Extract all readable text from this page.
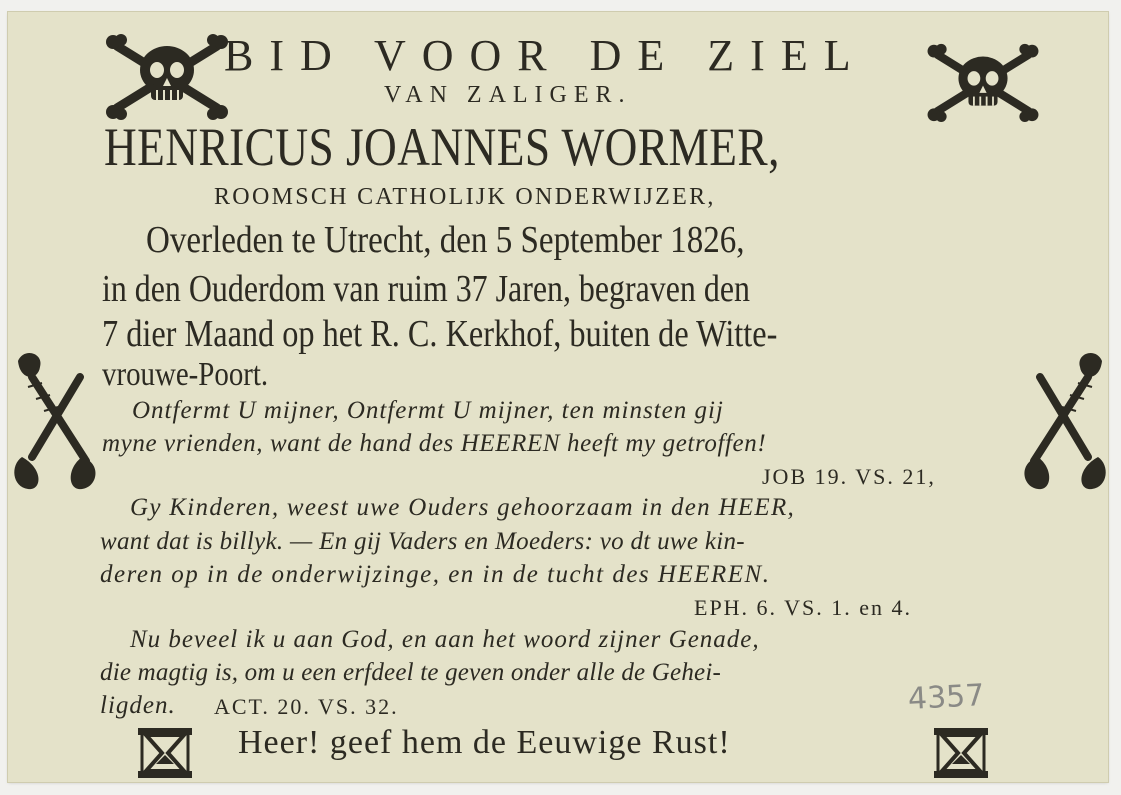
BID VOOR DE ZIEL
VAN ZALIGER.
HENRICUS JOANNES WORMER,
ROOMSCH CATHOLIJK ONDERWIJZER,
Overleden te Utrecht, den 5 September 1826,
in den Ouderdom van ruim 37 Jaren, begraven den
7 dier Maand op het R. C. Kerkhof, buiten de Witte-
vrouwe-Poort.
Ontfermt U mijner, Ontfermt U mijner, ten minsten gij
myne vrienden, want de hand des HEEREN heeft my getroffen!
JOB 19. VS. 21,
Gy Kinderen, weest uwe Ouders gehoorzaam in den HEER,
want dat is billyk. — En gij Vaders en Moeders: vo dt uwe kin-
deren op in de onderwijzinge, en in de tucht des HEEREN.
EPH. 6. VS. 1. en 4.
Nu beveel ik u aan God, en aan het woord zijner Genade,
die magtig is, om u een erfdeel te geven onder alle de Gehei-
ligden. ACT. 20. VS. 32.
Heer! geef hem de Eeuwige Rust!
4357
